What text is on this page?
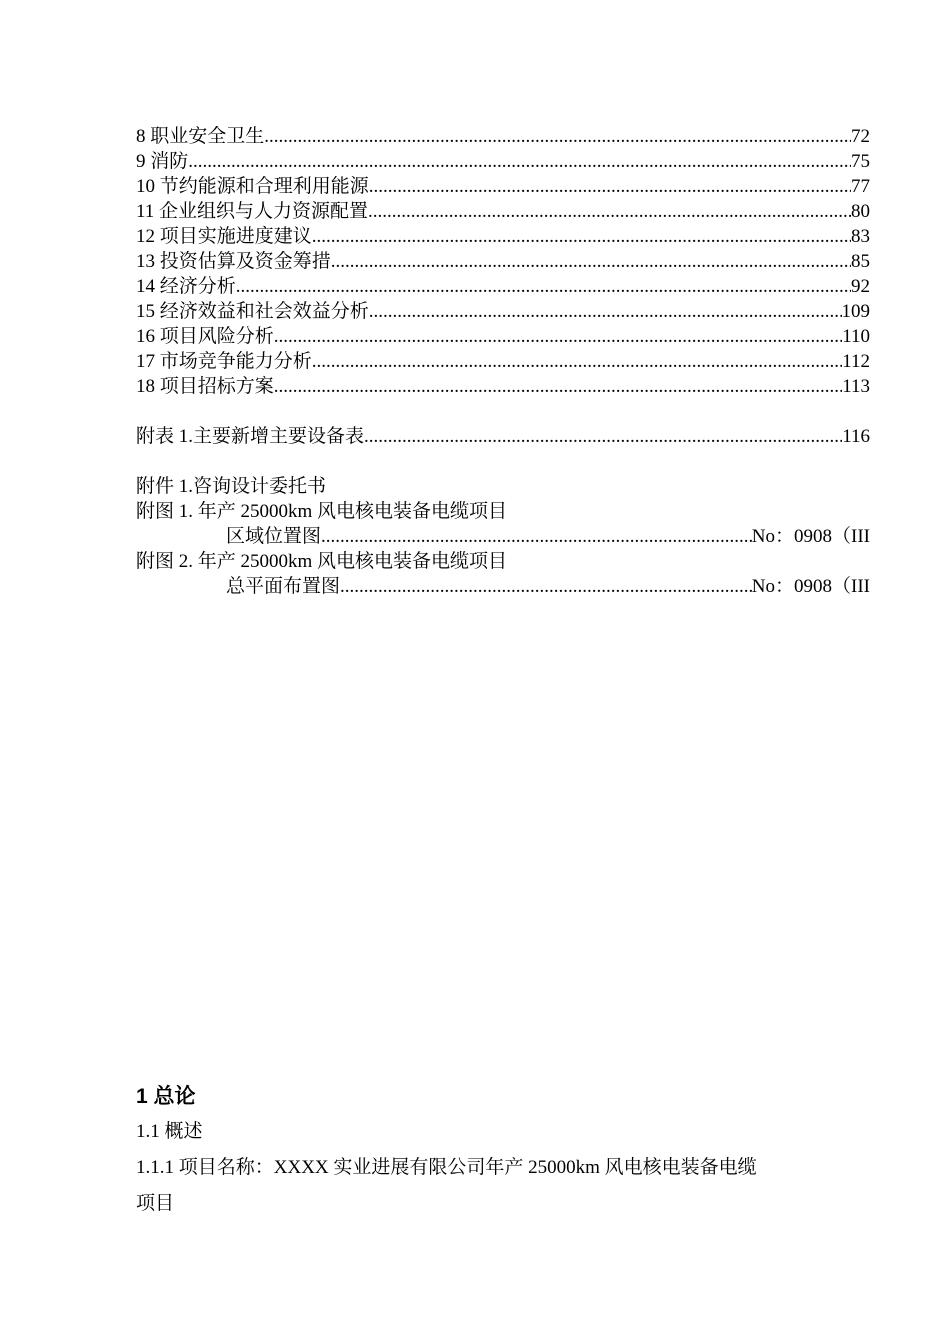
8 职业安全卫生 .....	72
9 消防 .....	75
10 节约能源和合理利用能源 .....	77
11 企业组织与人力资源配置 .....	80
12 项目实施进度建议 .....	83
13 投资估算及资金筹措 .....	85
14 经济分析 .....	92
15 经济效益和社会效益分析 .....	109
16 项目风险分析 .....	110
17 市场竞争能力分析 .....	112
18 项目招标方案 .....	113
附表 1.主要新增主要设备表 .....	116
附件 1.咨询设计委托书
附图 1. 年产 25000km 风电核电装备电缆项目
区域位置图 .....	No：0908（III
附图 2. 年产 25000km 风电核电装备电缆项目
总平面布置图 .....	No：0908（III
1 总论
1.1 概述
1.1.1 项目名称：XXXX 实业进展有限公司年产 25000km 风电核电装备电缆
项目
